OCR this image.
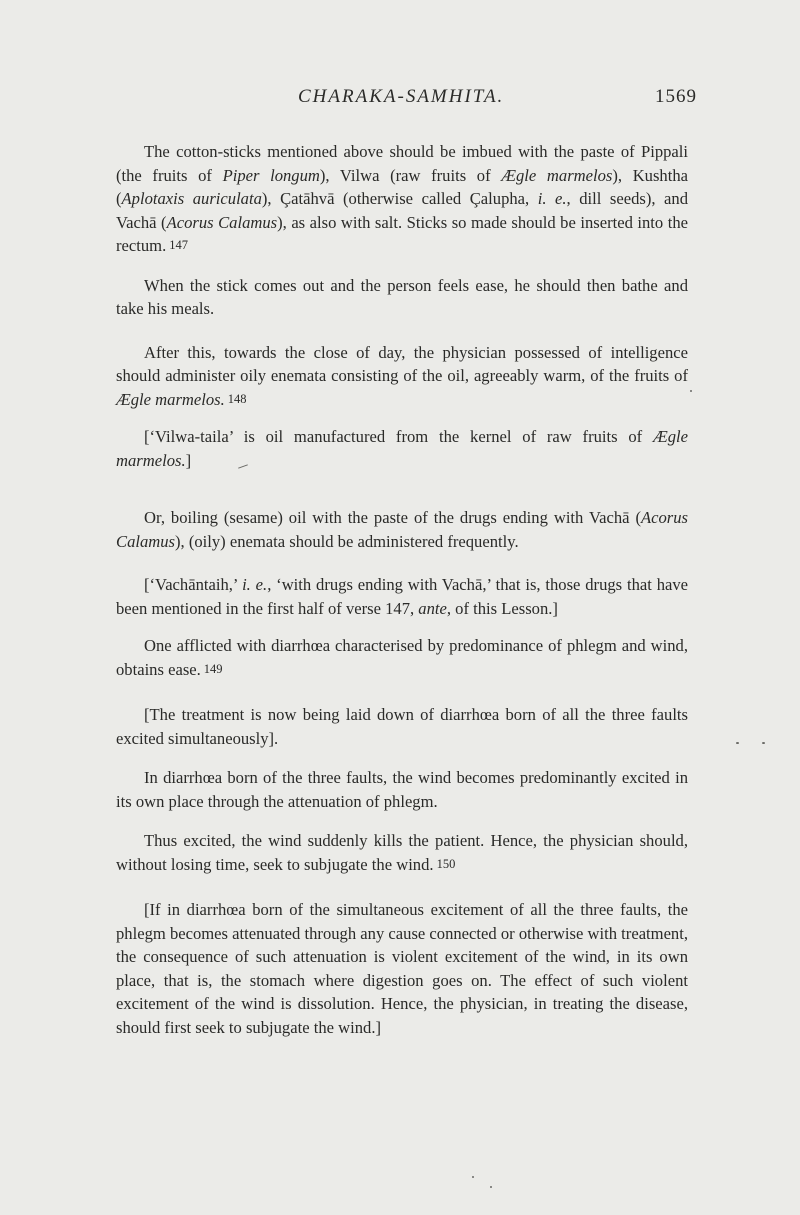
CHARAKA-SAMHITA.	1569

The cotton-sticks mentioned above should be imbued with the paste of Pippali (the fruits of Piper longum), Vilwa (raw fruits of Ægle marmelos), Kushtha (Aplotaxis auriculata), Çatāhvā (otherwise called Çalupha, i. e., dill seeds), and Vachā (Acorus Calamus), as also with salt. Sticks so made should be inserted into the rectum. 147

When the stick comes out and the person feels ease, he should then bathe and take his meals.

After this, towards the close of day, the physician possessed of intelligence should administer oily enemata consisting of the oil, agreeably warm, of the fruits of Ægle marmelos. 148

[‘Vilwa-taila’ is oil manufactured from the kernel of raw fruits of Ægle marmelos.]

Or, boiling (sesame) oil with the paste of the drugs ending with Vachā (Acorus Calamus), (oily) enemata should be administered frequently.

[‘Vachāntaih,’ i. e., ‘with drugs ending with Vachā,’ that is, those drugs that have been mentioned in the first half of verse 147, ante, of this Lesson.]

One afflicted with diarrhœa characterised by predominance of phlegm and wind, obtains ease. 149

[The treatment is now being laid down of diarrhœa born of all the three faults excited simultaneously].

In diarrhœa born of the three faults, the wind becomes predominantly excited in its own place through the attenuation of phlegm.

Thus excited, the wind suddenly kills the patient. Hence, the physician should, without losing time, seek to subjugate the wind. 150

[If in diarrhœa born of the simultaneous excitement of all the three faults, the phlegm becomes attenuated through any cause connected or otherwise with treatment, the consequence of such attenuation is violent excitement of the wind, in its own place, that is, the stomach where digestion goes on. The effect of such violent excitement of the wind is dissolution. Hence, the physician, in treating the disease, should first seek to subjugate the wind.]
